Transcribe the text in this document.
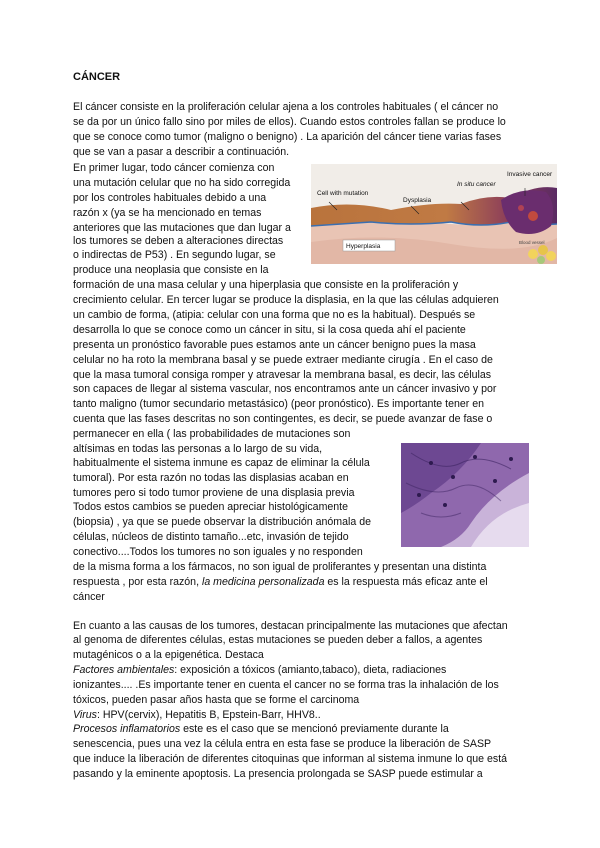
CÁNCER

El cáncer consiste en la proliferación celular ajena a los controles habituales ( el cáncer no

se da por un único fallo sino por miles de ellos). Cuando estos controles fallan se produce lo

que se conoce como tumor (maligno o benigno) . La aparición del cáncer tiene varias fases

que se van a pasar a describir a continuación.

En primer lugar, todo cáncer comienza con

una mutación celular que no ha sido corregida

por los controles habituales debido a una

razón x (ya se ha mencionado en temas

anteriores que las mutaciones que dan lugar a

los tumores se deben a alteraciones directas

o indirectas de P53) . En segundo lugar, se

produce una neoplasia que consiste en la

formación de una masa celular y una hiperplasia que consiste en la proliferación y

crecimiento celular. En tercer lugar se produce la displasia, en la que las células adquieren

un cambio de forma, (atipia: celular con una forma que no es la habitual). Después se

desarrolla lo que se conoce como un cáncer in situ, si la cosa queda ahí el paciente

presenta un pronóstico favorable pues estamos ante un cáncer benigno pues la masa

celular no ha roto la membrana basal y se puede extraer mediante cirugía . En el caso de

que la masa tumoral consiga romper y atravesar la membrana basal, es decir, las células

son capaces de llegar al sistema vascular, nos encontramos ante un cáncer invasivo y por

tanto maligno (tumor secundario metastásico) (peor pronóstico). Es importante tener en

cuenta que las fases descritas no son contingentes, es decir, se puede avanzar de fase o

permanecer en ella ( las probabilidades de mutaciones son

altísimas en todas las personas a lo largo de su vida,

habitualmente el sistema inmune es capaz de eliminar la célula

tumoral). Por esta razón no todas las displasias acaban en

tumores pero si todo tumor proviene de una displasia previa

Todos estos cambios se pueden apreciar histológicamente

(biopsia) , ya que se puede observar la distribución anómala de

células, núcleos de distinto tamaño...etc, invasión de tejido

conectivo....Todos los tumores no son iguales y no responden

de la misma forma a los fármacos, no son igual de proliferantes y presentan una distinta

respuesta , por esta razón, la medicina personalizada es la respuesta más eficaz ante el

cáncer

En cuanto a las causas de los tumores, destacan principalmente las mutaciones que afectan

al genoma de diferentes células, estas mutaciones se pueden deber a fallos, a agentes

mutagénicos o a la epigenética. Destaca

Factores ambientales: exposición a tóxicos (amianto,tabaco), dieta, radiaciones

ionizantes.... .Es importante tener en cuenta el cancer no se forma tras la inhalación de los

tóxicos, pueden pasar años hasta que se forme el carcinoma

Virus: HPV(cervix), Hepatitis B, Epstein-Barr, HHV8..

Procesos inflamatorios este es el caso que se mencionó previamente durante la

senescencia, pues una vez la célula entra en esta fase se produce la liberación de SASP

que induce la liberación de diferentes citoquinas que informan al sistema inmune lo que está

pasando y la eminente apoptosis. La presencia prolongada se SASP puede estimular a

Cell with mutation
Dysplasia
In situ cancer
Invasive cancer
Hyperplasia
Blood vessel
